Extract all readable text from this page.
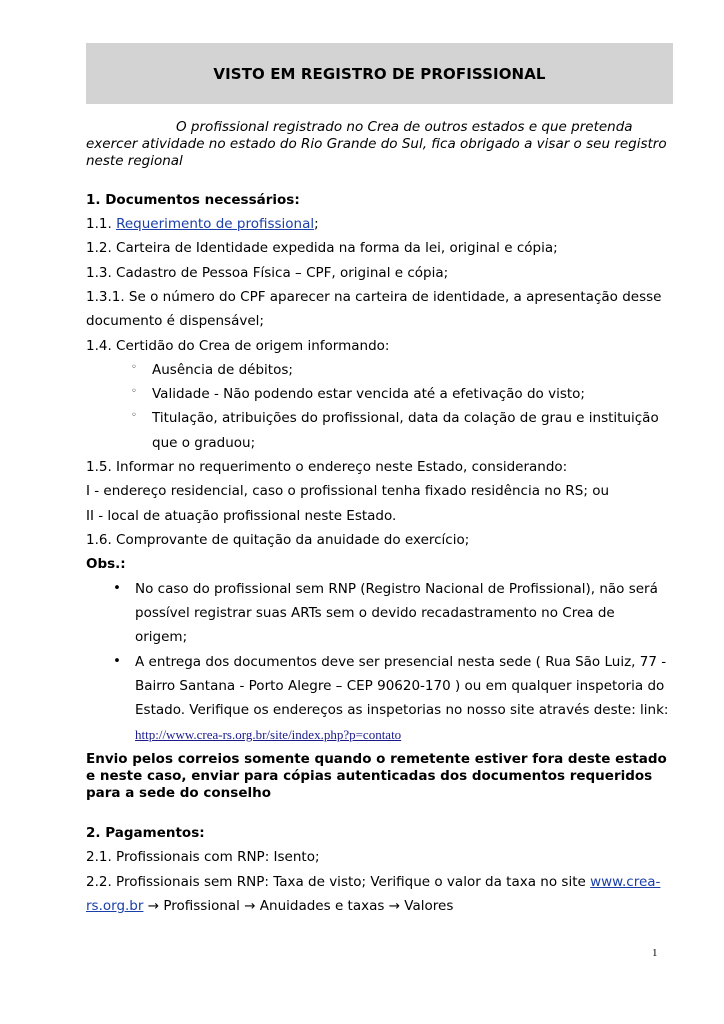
VISTO EM REGISTRO DE PROFISSIONAL
O profissional registrado no Crea de outros estados e que pretenda exercer atividade no estado do Rio Grande do Sul, fica obrigado a visar o seu registro neste regional
1. Documentos necessários:
1.1. Requerimento de profissional;
1.2. Carteira de Identidade expedida na forma da lei, original e cópia;
1.3. Cadastro de Pessoa Física – CPF, original e cópia;
1.3.1. Se o número do CPF aparecer na carteira de identidade, a apresentação desse
documento é dispensável;
1.4. Certidão do Crea de origem informando:
◦ Ausência de débitos;
◦ Validade - Não podendo estar vencida até a efetivação do visto;
◦ Titulação, atribuições do profissional, data da colação de grau e instituição
que o graduou;
1.5. Informar no requerimento o endereço neste Estado, considerando:
I - endereço residencial, caso o profissional tenha fixado residência no RS; ou
II - local de atuação profissional neste Estado.
1.6. Comprovante de quitação da anuidade do exercício;
Obs.:
• No caso do profissional sem RNP (Registro Nacional de Profissional), não será
possível registrar suas ARTs sem o devido recadastramento no Crea de
origem;
• A entrega dos documentos deve ser presencial nesta sede ( Rua São Luiz, 77 -
Bairro Santana - Porto Alegre – CEP 90620-170 ) ou em qualquer inspetoria do
Estado. Verifique os endereços as inspetorias no nosso site através deste: link:
http://www.crea-rs.org.br/site/index.php?p=contato
Envio pelos correios somente quando o remetente estiver fora deste estado e neste caso, enviar para cópias autenticadas dos documentos requeridos para a sede do conselho
2. Pagamentos:
2.1. Profissionais com RNP: Isento;
2.2. Profissionais sem RNP: Taxa de visto; Verifique o valor da taxa no site www.crea-
rs.org.br → Profissional → Anuidades e taxas → Valores
1
